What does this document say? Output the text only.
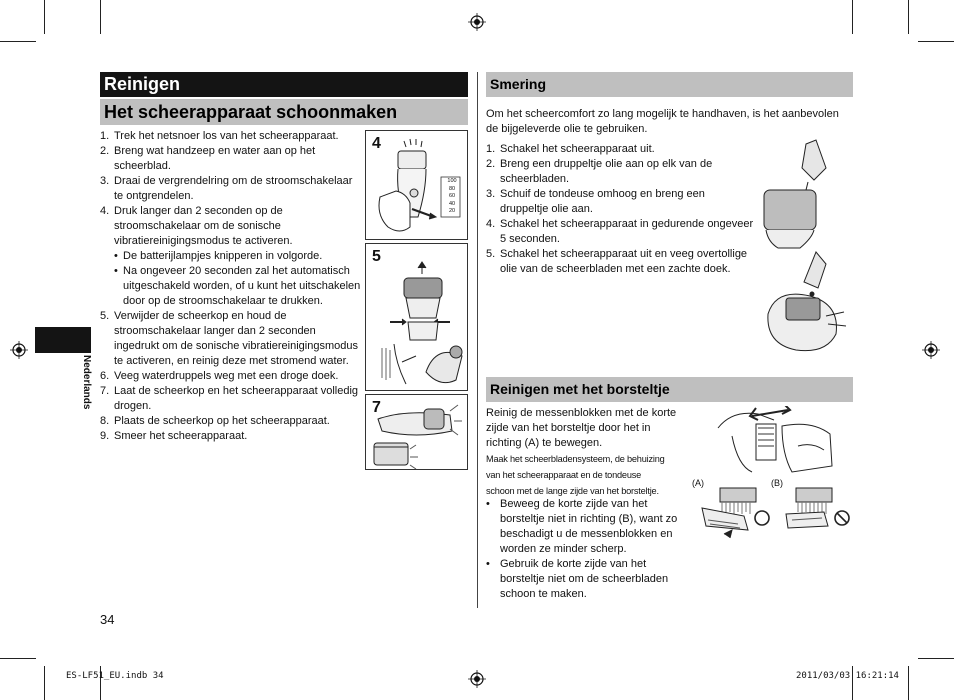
Nederlands
Reinigen
Het scheerapparaat schoonmaken
1. Trek het netsnoer los van het scheerapparaat.
2. Breng wat handzeep en water aan op het scheerblad.
3. Draai de vergrendelring om de stroomschakelaar te ontgrendelen.
4. Druk langer dan 2 seconden op de stroomschakelaar om de sonische vibratiereinigingsmodus te activeren.
• De batterijlampjes knipperen in volgorde.
• Na ongeveer 20 seconden zal het automatisch uitgeschakeld worden, of u kunt het uitschakelen door op de stroomschakelaar te drukken.
5. Verwijder de scheerkop en houd de stroomschakelaar langer dan 2 seconden ingedrukt om de sonische vibratiereinigingsmodus te activeren, en reinig deze met stromend water.
6. Veeg waterdruppels weg met een droge doek.
7. Laat de scheerkop en het scheerapparaat volledig drogen.
8. Plaats de scheerkop op het scheerapparaat.
9. Smeer het scheerapparaat.
4
100
80
60
40
20
5
7
Smering
Om het scheercomfort zo lang mogelijk te handhaven, is het aanbevolen de bijgeleverde olie te gebruiken.
1. Schakel het scheerapparaat uit.
2. Breng een druppeltje olie aan op elk van de scheerbladen.
3. Schuif de tondeuse omhoog en breng een druppeltje olie aan.
4. Schakel het scheerapparaat in gedurende ongeveer 5 seconden.
5. Schakel het scheerapparaat uit en veeg overtollige olie van de scheerbladen met een zachte doek.
Reinigen met het borsteltje
Reinig de messenblokken met de korte zijde van het borsteltje door het in richting (A) te bewegen.
Maak het scheerbladensysteem, de behuizing
van het scheerapparaat en de tondeuse
schoon met de lange zijde van het borsteltje.
• Beweeg de korte zijde van het borsteltje niet in richting (B), want zo beschadigt u de messenblokken en worden ze minder scherp.
• Gebruik de korte zijde van het borsteltje niet om de scheerbladen schoon te maken.
(A)	(B)
34
ES-LF51_EU.indb 34	2011/03/03 16:21:14
